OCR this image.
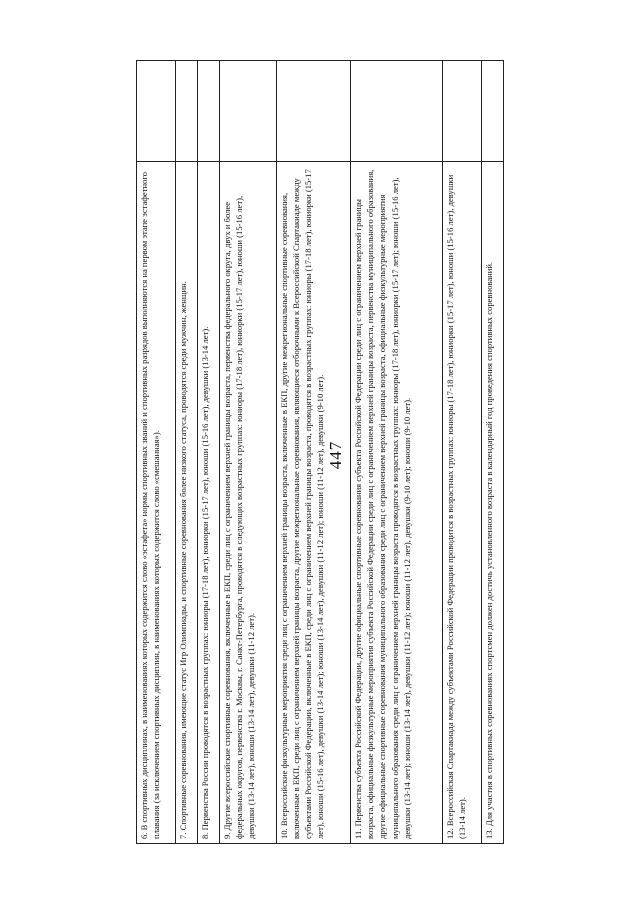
447
6. В спортивных дисциплинах, в наименованиях которых содержится слово «эстафета» нормы спортивных званий и спортивных разрядов выполняются на первом этапе эстафетного плавания (за исключением спортивных дисциплин, в наименованиях которых содержится слово «смешанная»).	
7. Спортивные соревнования, имеющие статус Игр Олимпиады, и спортивные соревнования более низкого статуса, проводятся среди мужчин, женщин.	
8. Первенства России проводятся в возрастных группах: юниоры (17-18 лет), юниорки (15-17 лет), юноши (15-16 лет), девушки (13-14 лет).	
9. Другие всероссийские спортивные соревнования, включенные в ЕКП, среди лиц с ограничением верхней границы возраста, первенства федерального округа, двух и более федеральных округов, первенства г. Москвы, г. Санкт-Петербурга, проводятся в следующих возрастных группах: юниоры (17-18 лет), юниорки (15-17 лет), юноши (15-16 лет), девушки (13-14 лет), юноши (13-14 лет), девушки (11-12 лет).	
10. Всероссийские физкультурные мероприятия среди лиц с ограничением верхней границы возраста, включенные в ЕКП, другие межрегиональные спортивные соревнования, включенные в ЕКП, среди лиц с ограничением верхней границы возраста, другие межрегиональные соревнования, являющиеся отборочными к Всероссийской Спартакиаде между субъектами Российской Федерации, включенные в ЕКП, среди лиц с ограничением верхней границы возраста, проводятся в возрастных группах: юниоры (17-18 лет), юниорки (15-17 лет), юноши (15-16 лет), девушки (13-14 лет); юноши (13-14 лет), девушки (11-12 лет); юноши (11-12 лет), девушки (9-10 лет).	
11. Первенства субъекта Российской Федерации, другие официальные спортивные соревнования субъекта Российской Федерации среди лиц с ограничением верхней границы возраста, официальные физкультурные мероприятия субъекта Российской Федерации среди лиц с ограничением верхней границы возраста, первенства муниципального образования, другие официальные спортивные соревнования муниципального образования среди лиц с ограничением верхней границы возраста, официальные физкультурные мероприятия муниципального образования среди лиц с ограничением верхней границы возраста проводятся в возрастных группах: юниоры (17-18 лет), юниорки (15-17 лет); юноши (15-16 лет), девушки (13-14 лет); юноши (13-14 лет), девушки (11-12 лет); юноши (11-12 лет), девушки (9-10 лет); юноши (9-10 лет).	
12. Всероссийская Спартакиада между субъектами Российской Федерации проводится в возрастных группах: юниоры (17-18 лет), юниорки (15-17 лет), юноши (15-16 лет), девушки (13-14 лет).	
13. Для участия в спортивных соревнованиях спортсмен должен достичь установленного возраста в календарный год проведения спортивных соревнований.	
